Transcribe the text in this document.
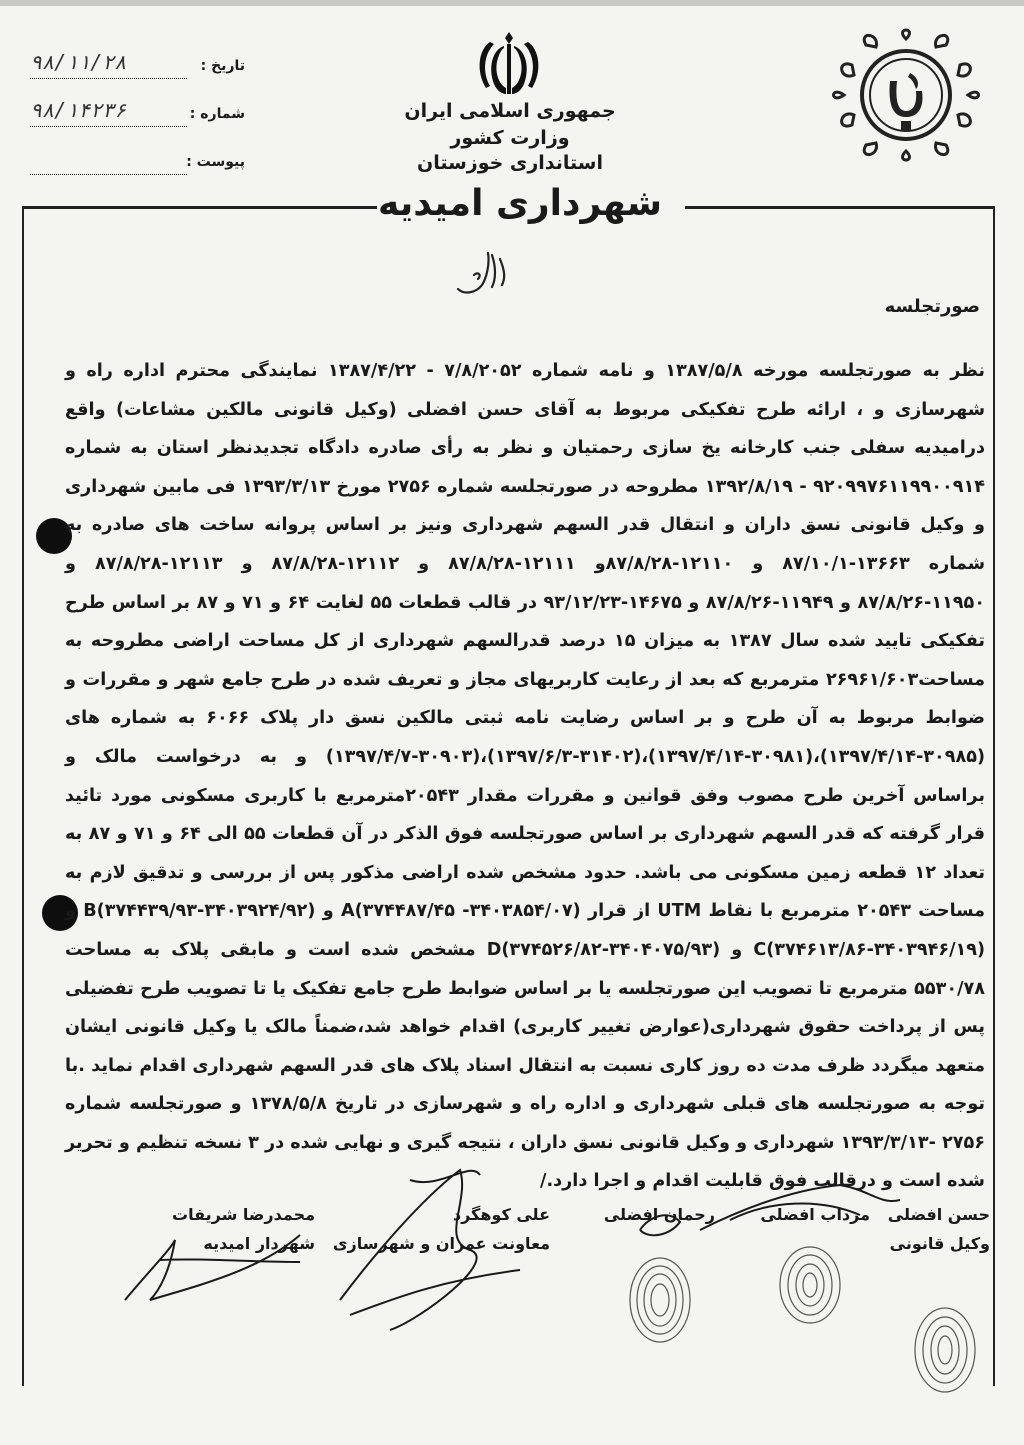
تاریخ :
۹۸/۱۱/۲۸
شماره :
۹۸/۱۴۲۳۶
پیوست :
جمهوری اسلامی ایران
وزارت کشور
استانداری خوزستان
شهرداری امیدیه
صورتجلسه
نظر به صورتجلسه مورخه ۱۳۸۷/۵/۸ و نامه شماره ۷/۸/۲۰۵۲ - ۱۳۸۷/۴/۲۲ نمایندگی محترم اداره راه و شهرسازی و ، ارائه طرح تفکیکی مربوط به آقای حسن افضلی (وکیل قانونی مالکین مشاعات) واقع درامیدیه سفلی جنب کارخانه یخ سازی رحمتیان و نظر به رأی صادره دادگاه تجدیدنظر استان به شماره ۹۲۰۹۹۷۶۱۱۹۹۰۰۹۱۴ - ۱۳۹۲/۸/۱۹ مطروحه در صورتجلسه شماره ۲۷۵۶ مورخ ۱۳۹۳/۳/۱۳ فی مابین شهرداری و وکیل قانونی نسق داران و انتقال قدر السهم شهرداری ونیز بر اساس پروانه ساخت های صادره به شماره ۱۳۶۶۳-۸۷/۱۰/۱ و ۱۲۱۱۰-۸۷/۸/۲۸و ۱۲۱۱۱-۸۷/۸/۲۸ و ۱۲۱۱۲-۸۷/۸/۲۸ و ۱۲۱۱۳-۸۷/۸/۲۸ و ۱۱۹۵۰-۸۷/۸/۲۶ و ۱۱۹۴۹-۸۷/۸/۲۶ و ۱۴۶۷۵-۹۳/۱۲/۲۳ در قالب قطعات ۵۵ لغایت ۶۴ و ۷۱ و ۸۷ بر اساس طرح تفکیکی تایید شده سال ۱۳۸۷ به میزان ۱۵ درصد قدرالسهم شهرداری از کل مساحت اراضی مطروحه به مساحت۲۶۹۶۱/۶۰۳ مترمربع که بعد از رعایت کاربریهای مجاز و تعریف شده در طرح جامع شهر و مقررات و ضوابط مربوط به آن طرح و بر اساس رضایت نامه ثبتی مالکین نسق دار پلاک ۶۰۶۶ به شماره های (۳۰۹۸۵-۱۳۹۷/۴/۱۴)،(۳۰۹۸۱-۱۳۹۷/۴/۱۴)،(۳۱۴۰۲-۱۳۹۷/۶/۳)،(۳۰۹۰۳-۱۳۹۷/۴/۷) و به درخواست مالک و براساس آخرین طرح مصوب وفق قوانین و مقررات مقدار ۲۰۵۴۳مترمربع با کاربری مسکونی مورد تائید قرار گرفته که قدر السهم شهرداری بر اساس صورتجلسه فوق الذکر در آن قطعات ۵۵ الی ۶۴ و ۷۱ و ۸۷ به تعداد ۱۲ قطعه زمین مسکونی می باشد. حدود مشخص شده اراضی مذکور پس از بررسی و تدقیق لازم به مساحت ۲۰۵۴۳ مترمربع با نقاط UTM از قرار A(۳۷۴۴۸۷/۴۵ -۳۴۰۳۸۵۴/۰۷) و B(۳۷۴۴۳۹/۹۳-۳۴۰۳۹۲۴/۹۲) و C(۳۷۴۶۱۳/۸۶-۳۴۰۳۹۴۶/۱۹) و D(۳۷۴۵۲۶/۸۲-۳۴۰۴۰۷۵/۹۳) مشخص شده است و مابقی پلاک به مساحت ۵۵۳۰/۷۸ مترمربع تا تصویب این صورتجلسه یا بر اساس ضوابط طرح جامع تفکیک یا تا تصویب طرح تفضیلی پس از پرداخت حقوق شهرداری(عوارض تغییر کاربری) اقدام خواهد شد،ضمناً مالک یا وکیل قانونی ایشان متعهد میگردد ظرف مدت ده روز کاری نسبت به انتقال اسناد پلاک های قدر السهم شهرداری اقدام نماید .با توجه به صورتجلسه های قبلی شهرداری و اداره راه و شهرسازی در تاریخ ۱۳۷۸/۵/۸ و صورتجلسه شماره ۲۷۵۶ -۱۳۹۳/۳/۱۳ شهرداری و وکیل قانونی نسق داران ، نتیجه گیری و نهایی شده در ۳ نسخه تنظیم و تحریر شده است و درقالب فوق قابلیت اقدام و اجرا دارد./
حسن افضلی
وکیل قانونی
مرداب افضلی
رحمان افضلی
علی کوهگرد
معاونت عمران و شهرسازی
محمدرضا شریفات
شهردار امیدیه
